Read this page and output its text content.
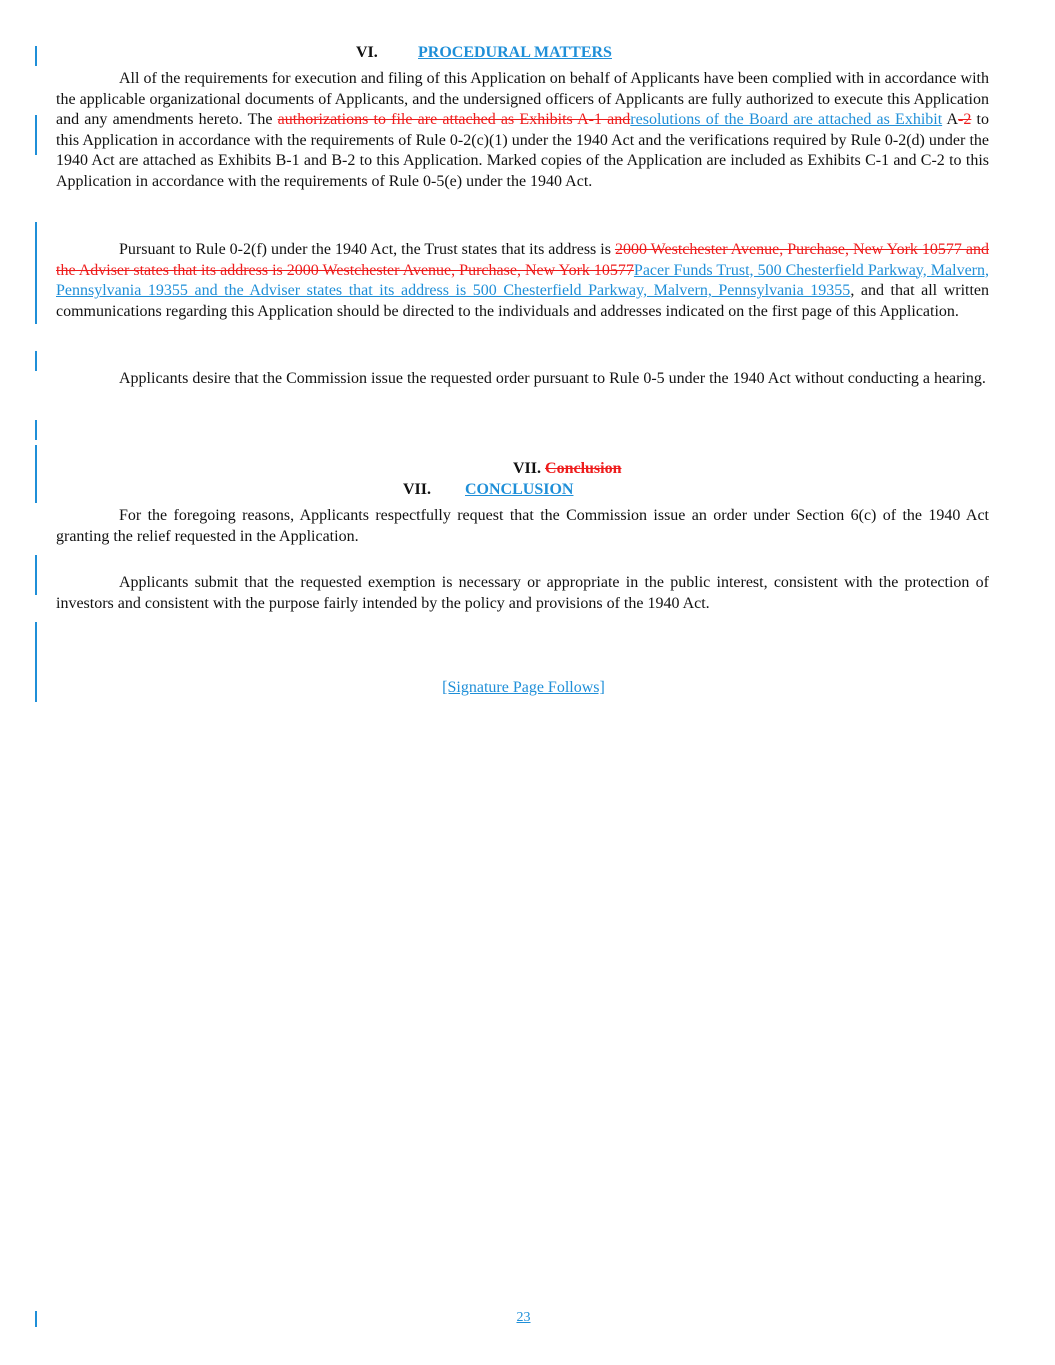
VI.	PROCEDURAL MATTERS

All of the requirements for execution and filing of this Application on behalf of Applicants have been complied with in accordance with the applicable organizational documents of Applicants, and the undersigned officers of Applicants are fully authorized to execute this Application and any amendments hereto. The authorizations to file are attached as Exhibits A-1 andresolutions of the Board are attached as Exhibit A-2 to this Application in accordance with the requirements of Rule 0-2(c)(1) under the 1940 Act and the verifications required by Rule 0-2(d) under the 1940 Act are attached as Exhibits B-1 and B-2 to this Application. Marked copies of the Application are included as Exhibits C-1 and C-2 to this Application in accordance with the requirements of Rule 0-5(e) under the 1940 Act.

Pursuant to Rule 0-2(f) under the 1940 Act, the Trust states that its address is 2000 Westchester Avenue, Purchase, New York 10577 and the Adviser states that its address is 2000 Westchester Avenue, Purchase, New York 10577Pacer Funds Trust, 500 Chesterfield Parkway, Malvern, Pennsylvania 19355 and the Adviser states that its address is 500 Chesterfield Parkway, Malvern, Pennsylvania 19355, and that all written communications regarding this Application should be directed to the individuals and addresses indicated on the first page of this Application.

Applicants desire that the Commission issue the requested order pursuant to Rule 0-5 under the 1940 Act without conducting a hearing.

VII. Conclusion
VII. CONCLUSION

For the foregoing reasons, Applicants respectfully request that the Commission issue an order under Section 6(c) of the 1940 Act granting the relief requested in the Application.

Applicants submit that the requested exemption is necessary or appropriate in the public interest, consistent with the protection of investors and consistent with the purpose fairly intended by the policy and provisions of the 1940 Act.

[Signature Page Follows]
23
